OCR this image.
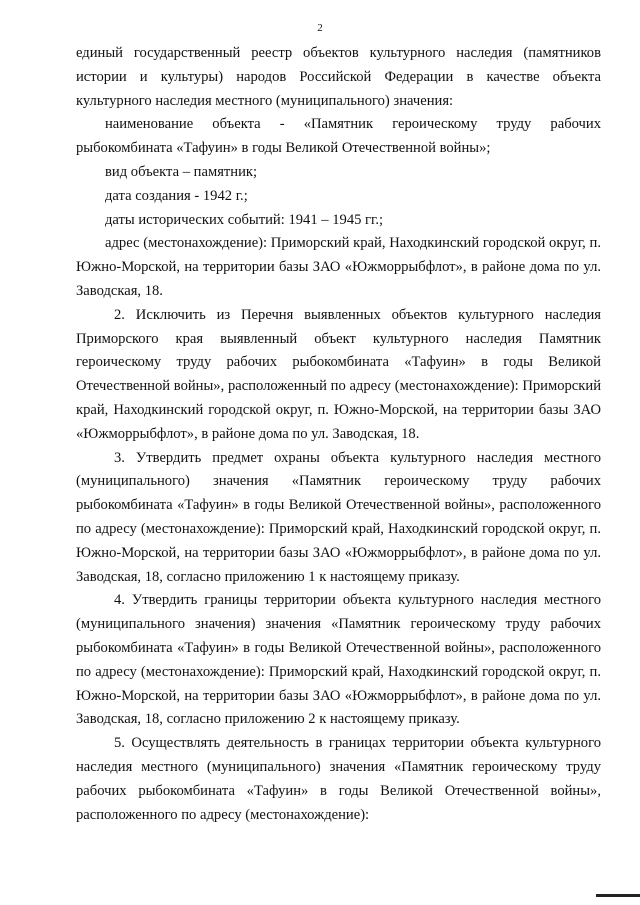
2

единый государственный реестр объектов культурного наследия (памятников истории и культуры) народов Российской Федерации в качестве объекта культурного наследия местного (муниципального) значения:

наименование объекта - «Памятник героическому труду рабочих рыбокомбината «Тафуин» в годы Великой Отечественной войны»;

вид объекта – памятник;

дата создания - 1942 г.;

даты исторических событий: 1941 – 1945 гг.;

адрес (местонахождение): Приморский край, Находкинский городской округ, п. Южно-Морской, на территории базы ЗАО «Южморрыбфлот», в районе дома по ул. Заводская, 18.

2. Исключить из Перечня выявленных объектов культурного наследия Приморского края выявленный объект культурного наследия Памятник героическому труду рабочих рыбокомбината «Тафуин» в годы Великой Отечественной войны», расположенный по адресу (местонахождение): Приморский край, Находкинский городской округ, п. Южно-Морской, на территории базы ЗАО «Южморрыбфлот», в районе дома по ул. Заводская, 18.

3. Утвердить предмет охраны объекта культурного наследия местного (муниципального) значения «Памятник героическому труду рабочих рыбокомбината «Тафуин» в годы Великой Отечественной войны», расположенного по адресу (местонахождение): Приморский край, Находкинский городской округ, п. Южно-Морской, на территории базы ЗАО «Южморрыбфлот», в районе дома по ул. Заводская, 18, согласно приложению 1 к настоящему приказу.

4. Утвердить границы территории объекта культурного наследия местного (муниципального значения) значения «Памятник героическому труду рабочих рыбокомбината «Тафуин» в годы Великой Отечественной войны», расположенного по адресу (местонахождение): Приморский край, Находкинский городской округ, п. Южно-Морской, на территории базы ЗАО «Южморрыбфлот», в районе дома по ул. Заводская, 18, согласно приложению 2 к настоящему приказу.

5. Осуществлять деятельность в границах территории объекта культурного наследия местного (муниципального) значения «Памятник героическому труду рабочих рыбокомбината «Тафуин» в годы Великой Отечественной войны», расположенного по адресу (местонахождение):
